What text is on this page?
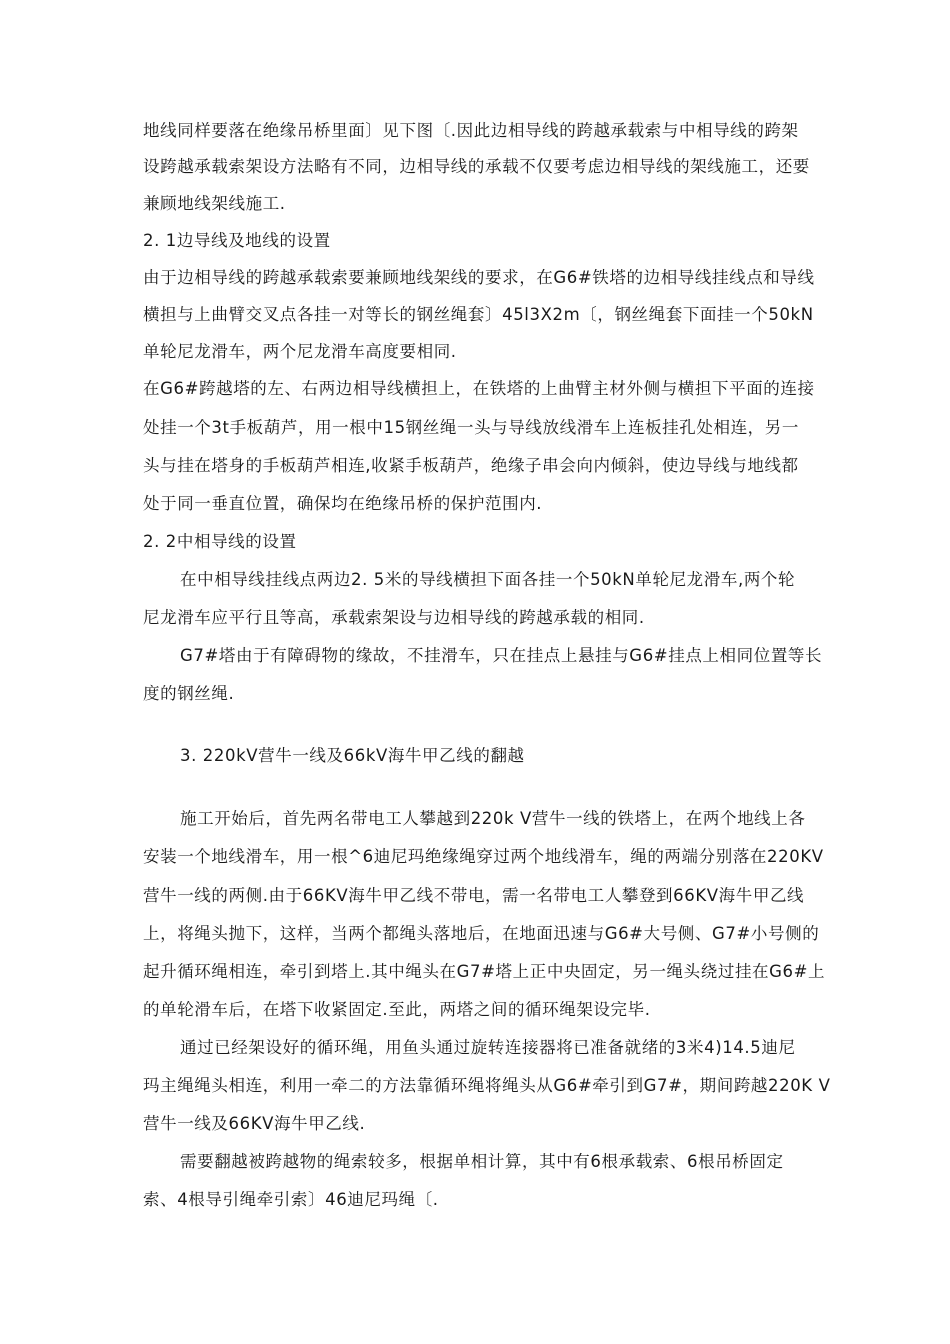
地线同样要落在绝缘吊桥里面〕见下图〔.因此边相导线的跨越承载索与中相导线的跨架
设跨越承载索架设方法略有不同，边相导线的承载不仅要考虑边相导线的架线施工，还要
兼顾地线架线施工.
2. 1边导线及地线的设置
由于边相导线的跨越承载索要兼顾地线架线的要求，在G6#铁塔的边相导线挂线点和导线
横担与上曲臂交叉点各挂一对等长的钢丝绳套〕45l3X2m〔，钢丝绳套下面挂一个50kN
单轮尼龙滑车，两个尼龙滑车高度要相同.
在G6#跨越塔的左、右两边相导线横担上，在铁塔的上曲臂主材外侧与横担下平面的连接
处挂一个3t手板葫芦，用一根中15钢丝绳一头与导线放线滑车上连板挂孔处相连，另一
头与挂在塔身的手板葫芦相连,收紧手板葫芦，绝缘子串会向内倾斜，使边导线与地线都
处于同一垂直位置，确保均在绝缘吊桥的保护范围内.
2. 2中相导线的设置
在中相导线挂线点两边2. 5米的导线横担下面各挂一个50kN单轮尼龙滑车,两个轮
尼龙滑车应平行且等高，承载索架设与边相导线的跨越承载的相同.
G7#塔由于有障碍物的缘故，不挂滑车，只在挂点上悬挂与G6#挂点上相同位置等长
度的钢丝绳.
3. 220kV营牛一线及66kV海牛甲乙线的翻越
施工开始后，首先两名带电工人攀越到220k V营牛一线的铁塔上，在两个地线上各
安装一个地线滑车，用一根^6迪尼玛绝缘绳穿过两个地线滑车，绳的两端分别落在220KV
营牛一线的两侧.由于66KV海牛甲乙线不带电，需一名带电工人攀登到66KV海牛甲乙线
上，将绳头抛下，这样，当两个都绳头落地后，在地面迅速与G6#大号侧、G7#小号侧的
起升循环绳相连，牵引到塔上.其中绳头在G7#塔上正中央固定，另一绳头绕过挂在G6#上
的单轮滑车后，在塔下收紧固定.至此，两塔之间的循环绳架设完毕.
通过已经架设好的循环绳，用鱼头通过旋转连接器将已准备就绪的3米4)14.5迪尼
玛主绳绳头相连，利用一牵二的方法靠循环绳将绳头从G6#牵引到G7#，期间跨越220K V
营牛一线及66KV海牛甲乙线.
需要翻越被跨越物的绳索较多，根据单相计算，其中有6根承载索、6根吊桥固定
索、4根导引绳牵引索〕46迪尼玛绳〔.
